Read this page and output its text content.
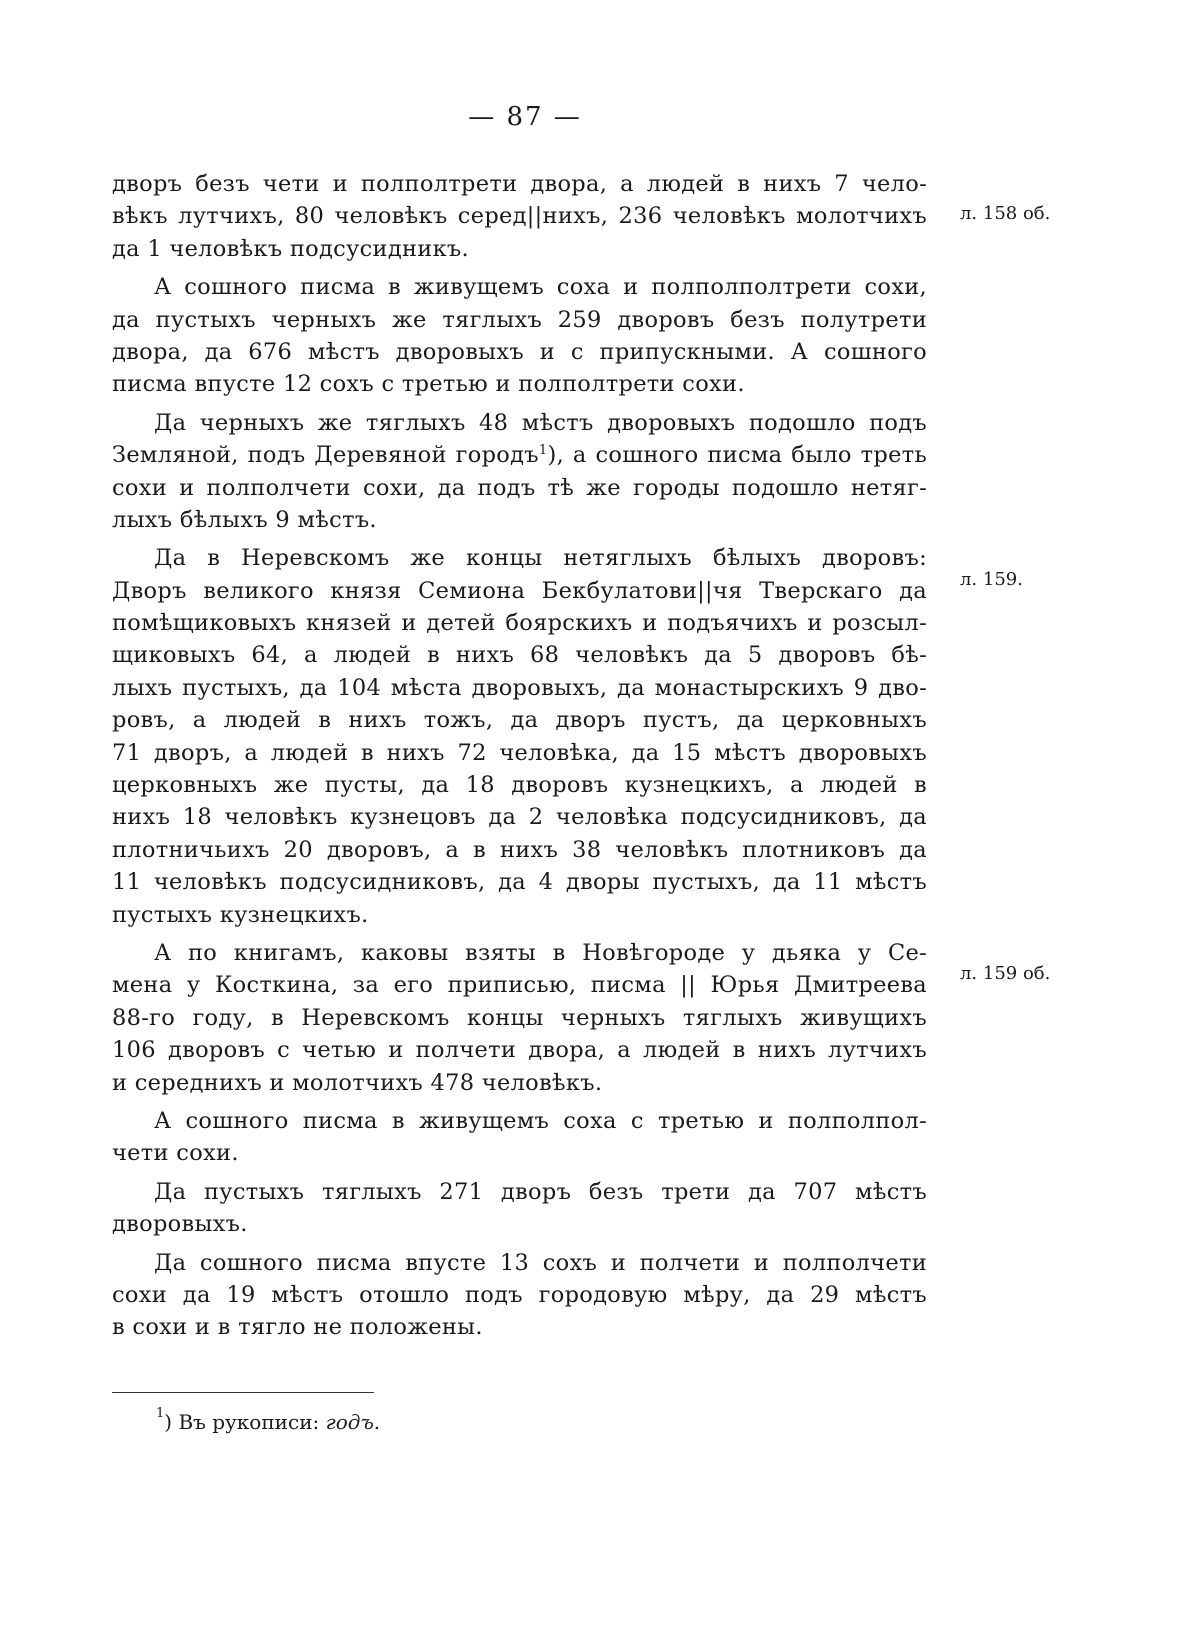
— 87 —
дворъ безъ чети и полполтрети двора, а людей в нихъ 7 чело-
вѣкъ лутчихъ, 80 человѣкъ серед||нихъ, 236 человѣкъ молотчихъ
да 1 человѣкъ подсусидникъ.
А сошного писма в живущемъ соха и полполполтрети сохи,
да пустыхъ черныхъ же тяглыхъ 259 дворовъ безъ полутрети
двора, да 676 мѣстъ дворовыхъ и с припускными. А сошного
писма впусте 12 сохъ с третью и полполтрети сохи.
Да черныхъ же тяглыхъ 48 мѣстъ дворовыхъ подошло подъ
Земляной, подъ Деревяной городъ$^1$), а сошного писма было треть
сохи и полполчети сохи, да подъ тѣ же городы подошло нетяг-
лыхъ бѣлыхъ 9 мѣстъ.
Да в Неревскомъ же концы нетяглыхъ бѣлыхъ дворовъ:
Дворъ великого князя Семиона Бекбулатови||чя Тверскаго да
помѣщиковыхъ князей и детей боярскихъ и подъячихъ и розсыл-
щиковыхъ 64, а людей в нихъ 68 человѣкъ да 5 дворовъ бѣ-
лыхъ пустыхъ, да 104 мѣста дворовыхъ, да монастырскихъ 9 дво-
ровъ, а людей в нихъ тожъ, да дворъ пустъ, да церковныхъ
71 дворъ, а людей в нихъ 72 человѣка, да 15 мѣстъ дворовыхъ
церковныхъ же пусты, да 18 дворовъ кузнецкихъ, а людей в
нихъ 18 человѣкъ кузнецовъ да 2 человѣка подсусидниковъ, да
плотничьихъ 20 дворовъ, а в нихъ 38 человѣкъ плотниковъ да
11 человѣкъ подсусидниковъ, да 4 дворы пустыхъ, да 11 мѣстъ
пустыхъ кузнецкихъ.
А по книгамъ, каковы взяты в Новѣгороде у дьяка у Се-
мена у Косткина, за его приписью, писма || Юрья Дмитреева
88-го году, в Неревскомъ концы черныхъ тяглыхъ живущихъ
106 дворовъ с четью и полчети двора, а людей в нихъ лутчихъ
и середнихъ и молотчихъ 478 человѣкъ.
А сошного писма в живущемъ соха с третью и полполпол-
чети сохи.
Да пустыхъ тяглыхъ 271 дворъ безъ трети да 707 мѣстъ
дворовыхъ.
Да сошного писма впусте 13 сохъ и полчети и полполчети
сохи да 19 мѣстъ отошло подъ городовую мѣру, да 29 мѣстъ
в сохи и в тягло не положены.
л. 158 об.
л. 159.
л. 159 об.
$^1$) Въ рукописи: годъ.
